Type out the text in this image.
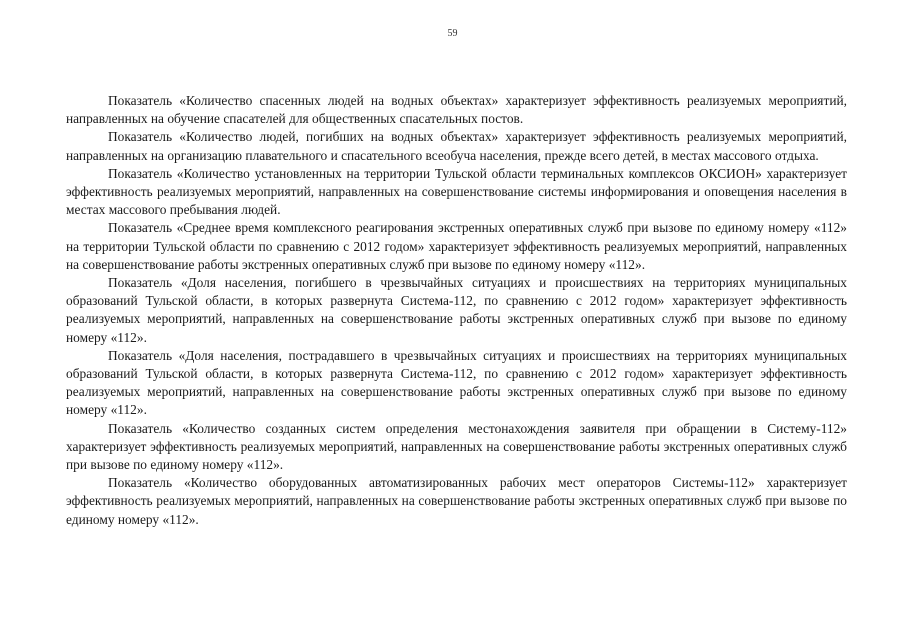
59

Показатель «Количество спасенных людей на водных объектах» характеризует эффективность реализуемых мероприятий, направленных на обучение спасателей для общественных спасательных постов.

Показатель «Количество людей, погибших на водных объектах» характеризует эффективность реализуемых мероприятий, направленных на организацию плавательного и спасательного всеобуча населения, прежде всего детей, в местах массового отдыха.

Показатель «Количество установленных на территории Тульской области терминальных комплексов ОКСИОН» характеризует эффективность реализуемых мероприятий, направленных на совершенствование системы информирования и оповещения населения в местах массового пребывания людей.

Показатель «Среднее время комплексного реагирования экстренных оперативных служб при вызове по единому номеру «112» на территории Тульской области по сравнению с 2012 годом» характеризует эффективность реализуемых мероприятий, направленных на совершенствование работы экстренных оперативных служб при вызове по единому номеру «112».

Показатель «Доля населения, погибшего в чрезвычайных ситуациях и происшествиях на территориях муниципальных образований Тульской области, в которых развернута Система-112, по сравнению с 2012 годом» характеризует эффективность реализуемых мероприятий, направленных на совершенствование работы экстренных оперативных служб при вызове по единому номеру «112».

Показатель «Доля населения, пострадавшего в чрезвычайных ситуациях и происшествиях на территориях муниципальных образований Тульской области, в которых развернута Система-112, по сравнению с 2012 годом» характеризует эффективность реализуемых мероприятий, направленных на совершенствование работы экстренных оперативных служб при вызове по единому номеру «112».

Показатель «Количество созданных систем определения местонахождения заявителя при обращении в Систему-112» характеризует эффективность реализуемых мероприятий, направленных на совершенствование работы экстренных оперативных служб при вызове по единому номеру «112».

Показатель «Количество оборудованных автоматизированных рабочих мест операторов Системы-112» характеризует эффективность реализуемых мероприятий, направленных на совершенствование работы экстренных оперативных служб при вызове по единому номеру «112».
